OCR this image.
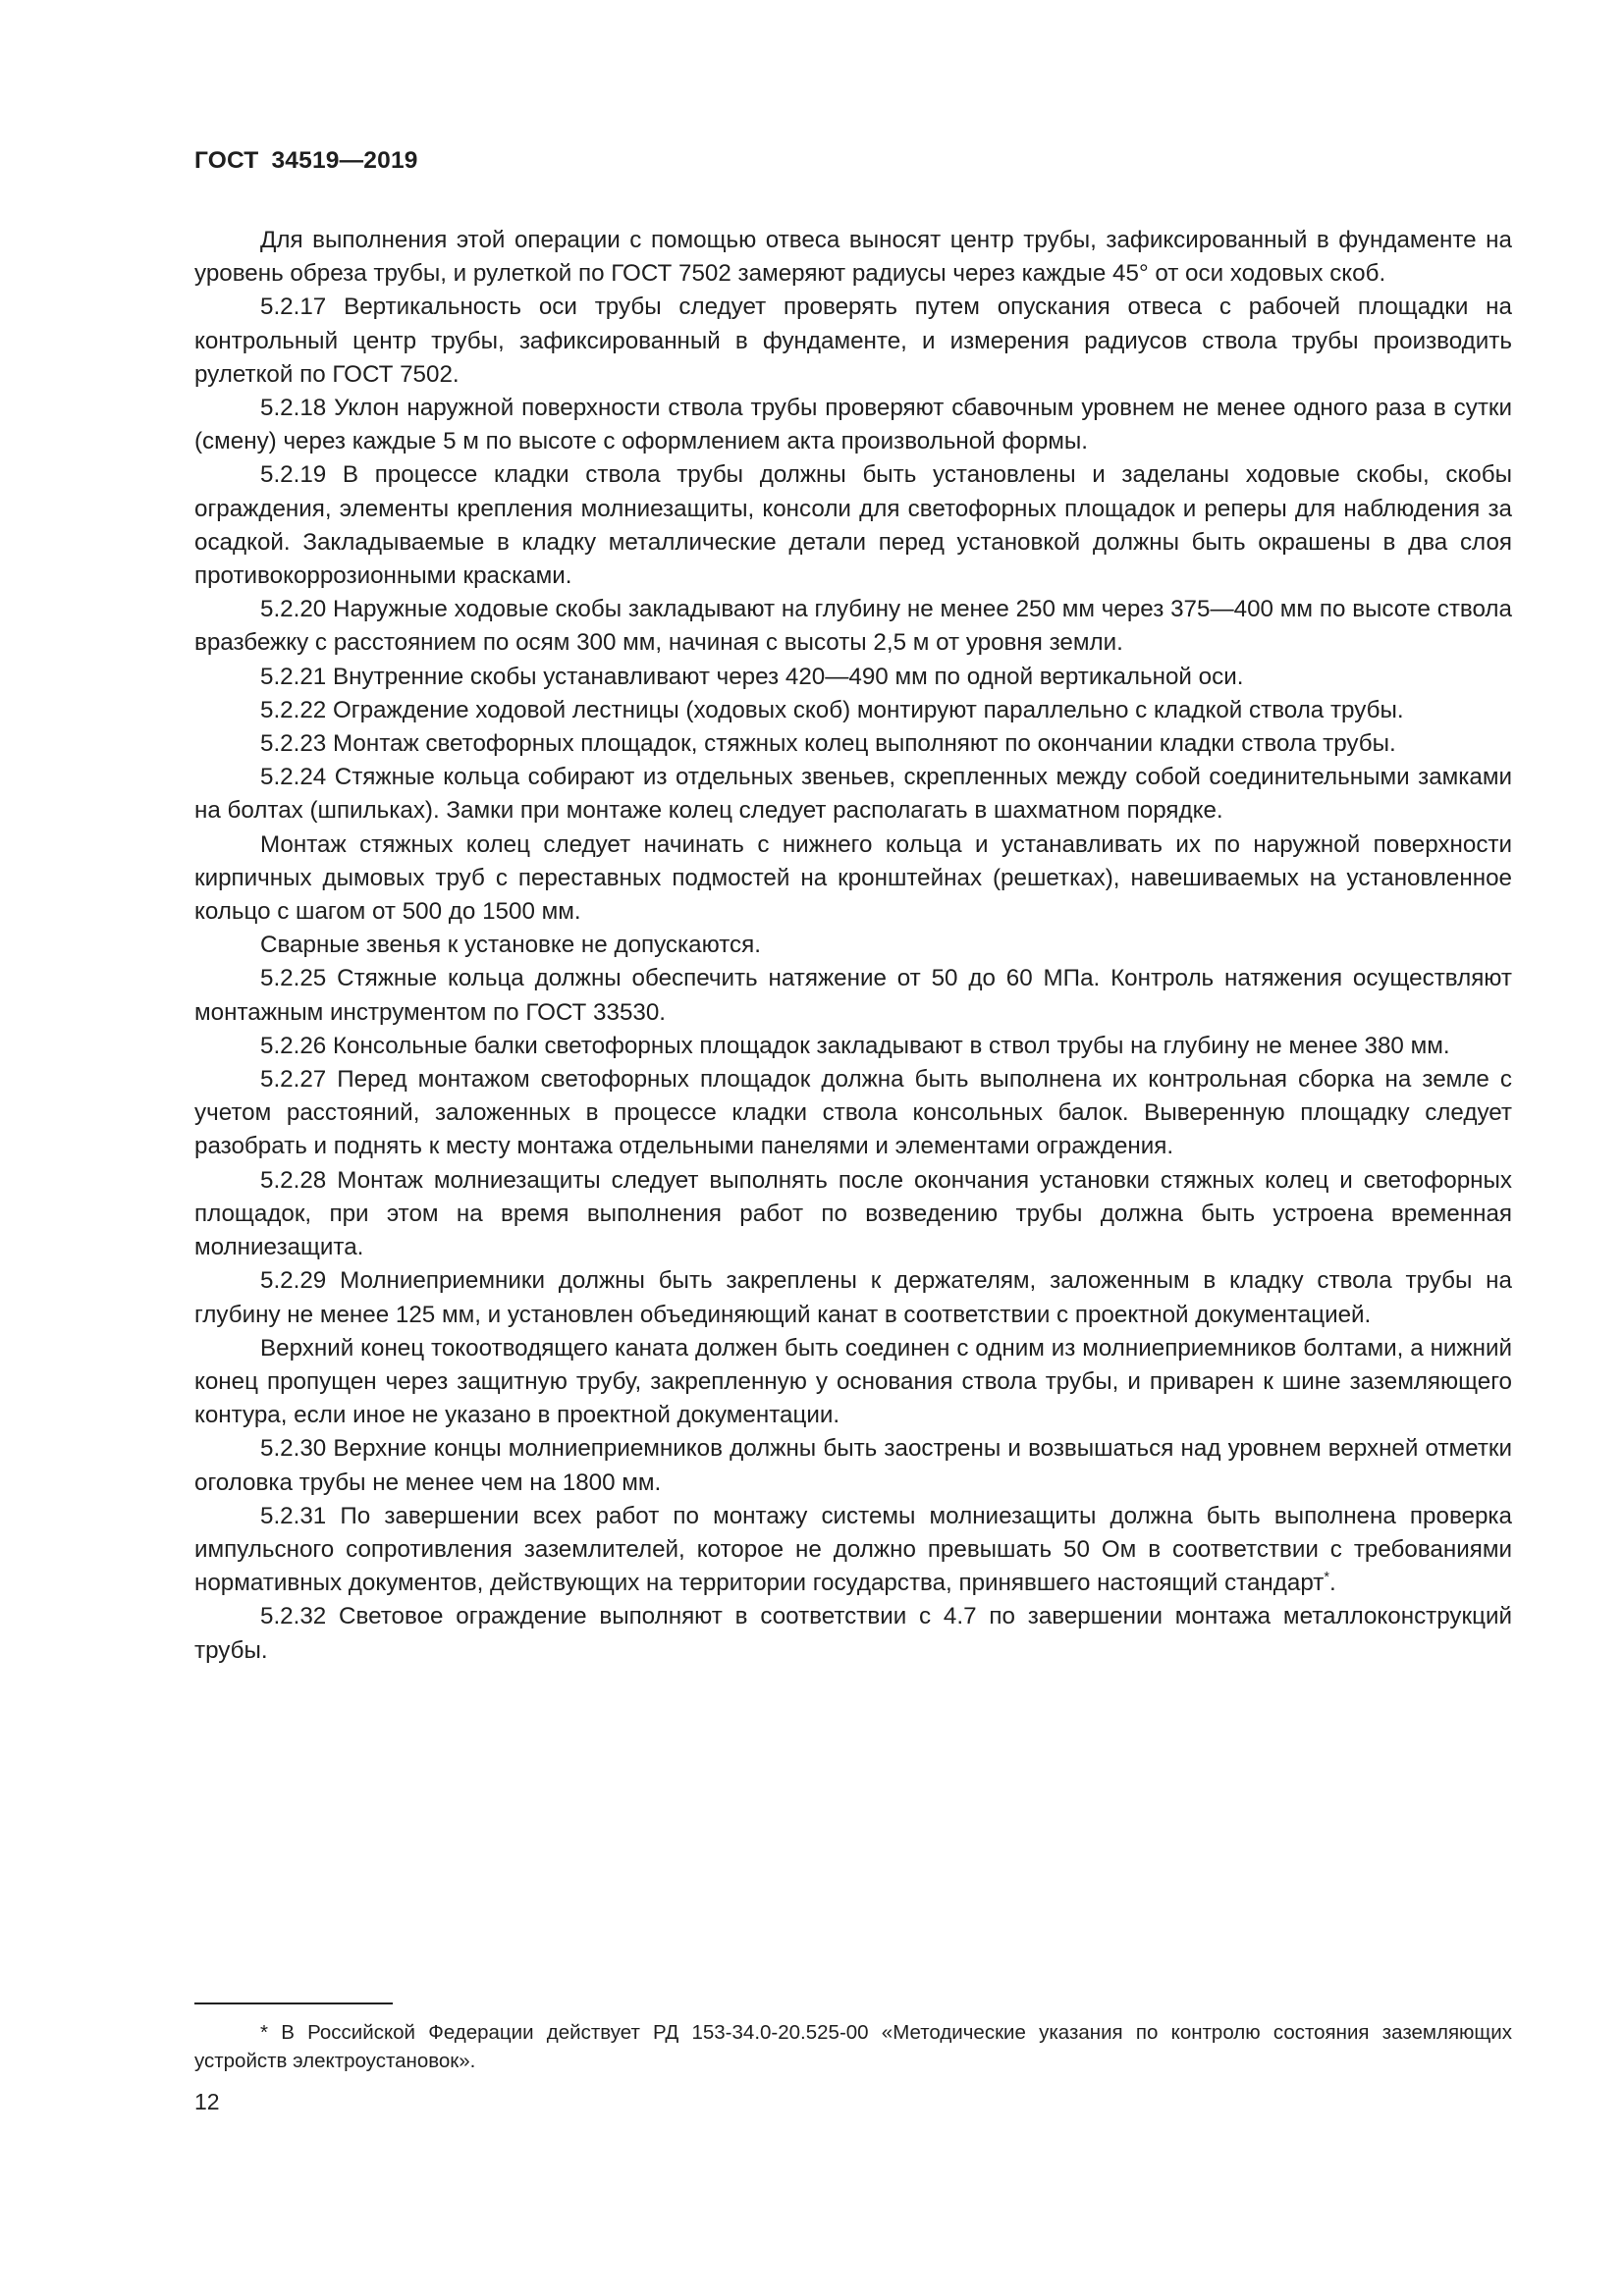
ГОСТ 34519—2019

Для выполнения этой операции с помощью отвеса выносят центр трубы, зафиксированный в фундаменте на уровень обреза трубы, и рулеткой по ГОСТ 7502 замеряют радиусы через каждые 45° от оси ходовых скоб.

5.2.17 Вертикальность оси трубы следует проверять путем опускания отвеса с рабочей площадки на контрольный центр трубы, зафиксированный в фундаменте, и измерения радиусов ствола трубы производить рулеткой по ГОСТ 7502.

5.2.18 Уклон наружной поверхности ствола трубы проверяют сбавочным уровнем не менее одного раза в сутки (смену) через каждые 5 м по высоте с оформлением акта произвольной формы.

5.2.19 В процессе кладки ствола трубы должны быть установлены и заделаны ходовые скобы, скобы ограждения, элементы крепления молниезащиты, консоли для светофорных площадок и реперы для наблюдения за осадкой. Закладываемые в кладку металлические детали перед установкой должны быть окрашены в два слоя противокоррозионными красками.

5.2.20 Наружные ходовые скобы закладывают на глубину не менее 250 мм через 375—400 мм по высоте ствола вразбежку с расстоянием по осям 300 мм, начиная с высоты 2,5 м от уровня земли.

5.2.21 Внутренние скобы устанавливают через 420—490 мм по одной вертикальной оси.

5.2.22 Ограждение ходовой лестницы (ходовых скоб) монтируют параллельно с кладкой ствола трубы.

5.2.23 Монтаж светофорных площадок, стяжных колец выполняют по окончании кладки ствола трубы.

5.2.24 Стяжные кольца собирают из отдельных звеньев, скрепленных между собой соединительными замками на болтах (шпильках). Замки при монтаже колец следует располагать в шахматном порядке.

Монтаж стяжных колец следует начинать с нижнего кольца и устанавливать их по наружной поверхности кирпичных дымовых труб с переставных подмостей на кронштейнах (решетках), навешиваемых на установленное кольцо с шагом от 500 до 1500 мм.

Сварные звенья к установке не допускаются.

5.2.25 Стяжные кольца должны обеспечить натяжение от 50 до 60 МПа. Контроль натяжения осуществляют монтажным инструментом по ГОСТ 33530.

5.2.26 Консольные балки светофорных площадок закладывают в ствол трубы на глубину не менее 380 мм.

5.2.27 Перед монтажом светофорных площадок должна быть выполнена их контрольная сборка на земле с учетом расстояний, заложенных в процессе кладки ствола консольных балок. Выверенную площадку следует разобрать и поднять к месту монтажа отдельными панелями и элементами ограждения.

5.2.28 Монтаж молниезащиты следует выполнять после окончания установки стяжных колец и светофорных площадок, при этом на время выполнения работ по возведению трубы должна быть устроена временная молниезащита.

5.2.29 Молниеприемники должны быть закреплены к держателям, заложенным в кладку ствола трубы на глубину не менее 125 мм, и установлен объединяющий канат в соответствии с проектной документацией.

Верхний конец токоотводящего каната должен быть соединен с одним из молниеприемников болтами, а нижний конец пропущен через защитную трубу, закрепленную у основания ствола трубы, и приварен к шине заземляющего контура, если иное не указано в проектной документации.

5.2.30 Верхние концы молниеприемников должны быть заострены и возвышаться над уровнем верхней отметки оголовка трубы не менее чем на 1800 мм.

5.2.31 По завершении всех работ по монтажу системы молниезащиты должна быть выполнена проверка импульсного сопротивления заземлителей, которое не должно превышать 50 Ом в соответствии с требованиями нормативных документов, действующих на территории государства, принявшего настоящий стандарт*.

5.2.32 Световое ограждение выполняют в соответствии с 4.7 по завершении монтажа металлоконструкций трубы.

* В Российской Федерации действует РД 153-34.0-20.525-00 «Методические указания по контролю состояния заземляющих устройств электроустановок».
12
